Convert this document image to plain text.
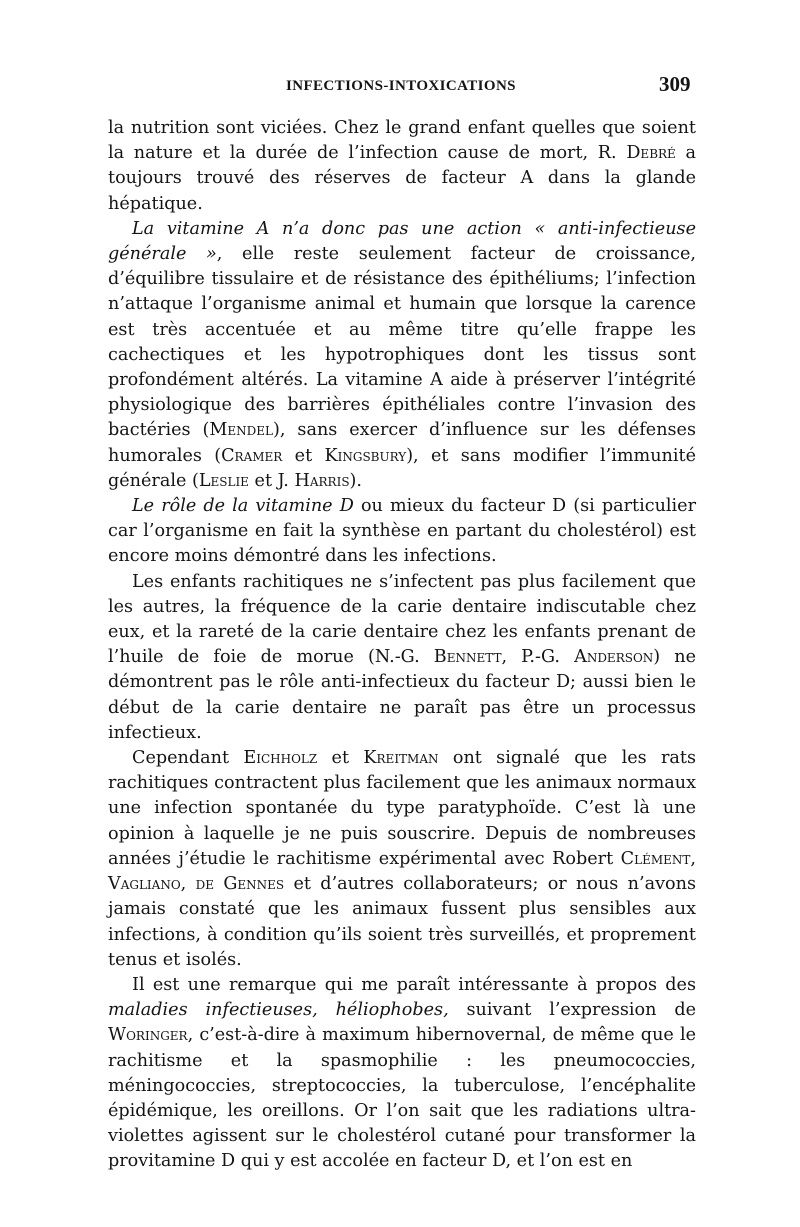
INFECTIONS-INTOXICATIONS	309

la nutrition sont viciées. Chez le grand enfant quelles que soient la nature et la durée de l’infection cause de mort, R. Debré a toujours trouvé des réserves de facteur A dans la glande hépatique.

La vitamine A n’a donc pas une action « anti-infectieuse générale », elle reste seulement facteur de croissance, d’équilibre tissulaire et de résistance des épithéliums; l’infection n’attaque l’organisme animal et humain que lorsque la carence est très accentuée et au même titre qu’elle frappe les cachectiques et les hypotrophiques dont les tissus sont profondément altérés. La vitamine A aide à préserver l’intégrité physiologique des barrières épithéliales contre l’invasion des bactéries (Mendel), sans exercer d’influence sur les défenses humorales (Cramer et Kingsbury), et sans modifier l’immunité générale (Leslie et J. Harris).

Le rôle de la vitamine D ou mieux du facteur D (si particulier car l’organisme en fait la synthèse en partant du cholestérol) est encore moins démontré dans les infections.

Les enfants rachitiques ne s’infectent pas plus facilement que les autres, la fréquence de la carie dentaire indiscutable chez eux, et la rareté de la carie dentaire chez les enfants prenant de l’huile de foie de morue (N.-G. Bennett, P.-G. Anderson) ne démontrent pas le rôle anti-infectieux du facteur D; aussi bien le début de la carie dentaire ne paraît pas être un processus infectieux.

Cependant Eichholz et Kreitman ont signalé que les rats rachitiques contractent plus facilement que les animaux normaux une infection spontanée du type paratyphoïde. C’est là une opinion à laquelle je ne puis souscrire. Depuis de nombreuses années j’étudie le rachitisme expérimental avec Robert Clément, Vagliano, de Gennes et d’autres collaborateurs; or nous n’avons jamais constaté que les animaux fussent plus sensibles aux infections, à condition qu’ils soient très surveillés, et proprement tenus et isolés.

Il est une remarque qui me paraît intéressante à propos des maladies infectieuses, héliophobes, suivant l’expression de Woringer, c’est-à-dire à maximum hibernovernal, de même que le rachitisme et la spasmophilie : les pneumococcies, méningococcies, streptococcies, la tuberculose, l’encéphalite épidémique, les oreillons. Or l’on sait que les radiations ultra-violettes agissent sur le cholestérol cutané pour transformer la provitamine D qui y est accolée en facteur D, et l’on est en
